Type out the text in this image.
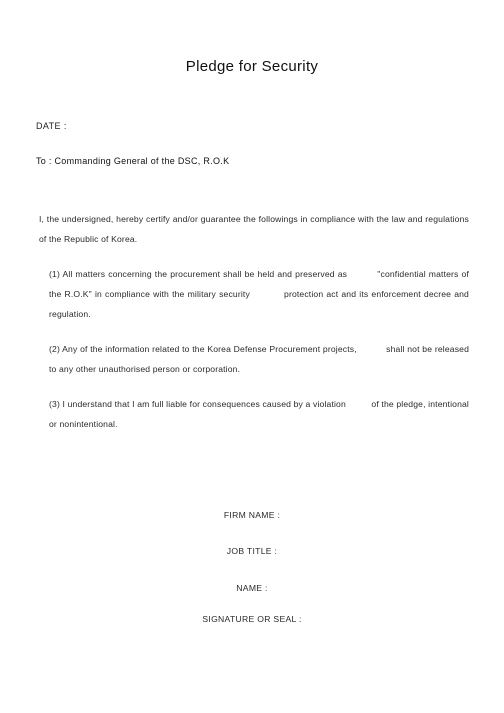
Pledge for Security
DATE :
To : Commanding General of the DSC, R.O.K
I, the undersigned, hereby certify and/or guarantee the followings in compliance with the law and regulations of the Republic of Korea.
(1) All matters concerning the procurement shall be held and preserved as          "confidential matters of the R.O.K" in compliance with the military security           protection act and its enforcement decree and regulation.
(2) Any of the information related to the Korea Defense Procurement projects,           shall not be released to any other unauthorised person or corporation.
(3) I understand that I am full liable for consequences caused by a violation          of the pledge, intentional or nonintentional.
FIRM NAME :
JOB TITLE :
NAME :
SIGNATURE OR SEAL :
